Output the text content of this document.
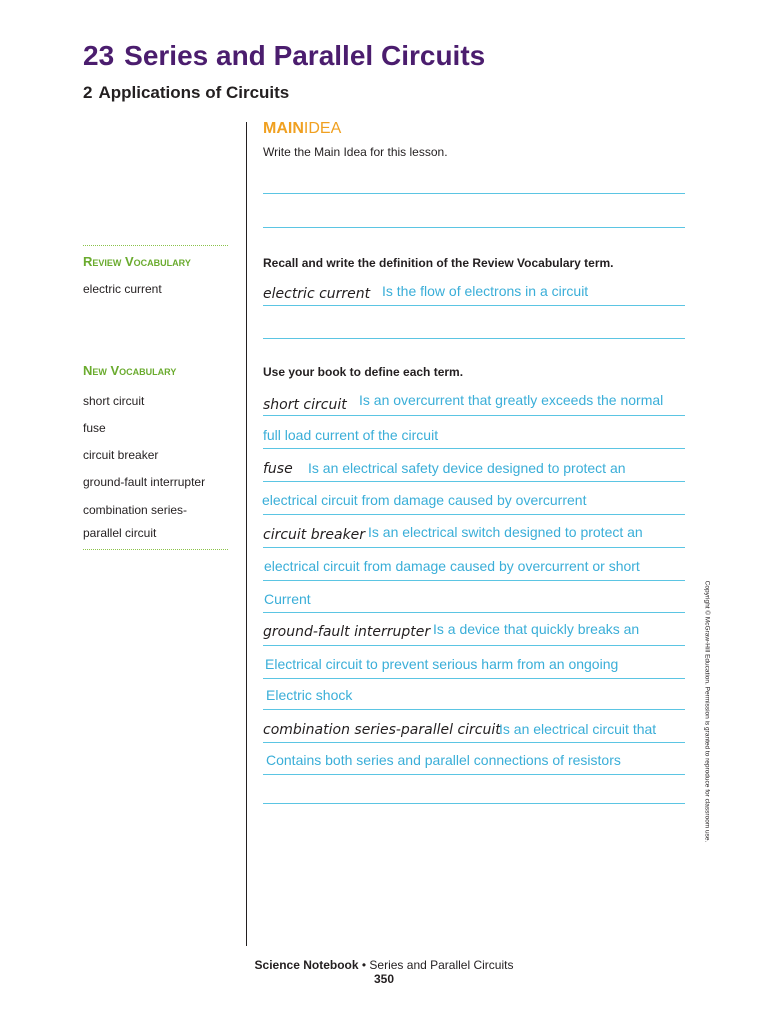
23 Series and Parallel Circuits
2 Applications of Circuits
MAINIDEA
Write the Main Idea for this lesson.
Review Vocabulary
electric current
New Vocabulary
short circuit
fuse
circuit breaker
ground-fault interrupter
combination series-
parallel circuit
Recall and write the definition of the Review Vocabulary term.
electric current Is the flow of electrons in a circuit
Use your book to define each term.
short circuit Is an overcurrent that greatly exceeds the normal
full load current of the circuit
fuse Is an electrical safety device designed to protect an
electrical circuit from damage caused by overcurrent
circuit breaker Is an electrical switch designed to protect an
electrical circuit from damage caused by overcurrent or short
Current
ground-fault interrupter Is a device that quickly breaks an
Electrical circuit to prevent serious harm from an ongoing
Electric shock
combination series-parallel circuit
Is an electrical circuit that
Contains both series and parallel connections of resistors	Copyright © McGraw-Hill Education. Permission is granted to reproduce for classroom use.
Science Notebook • Series and Parallel Circuits
350
